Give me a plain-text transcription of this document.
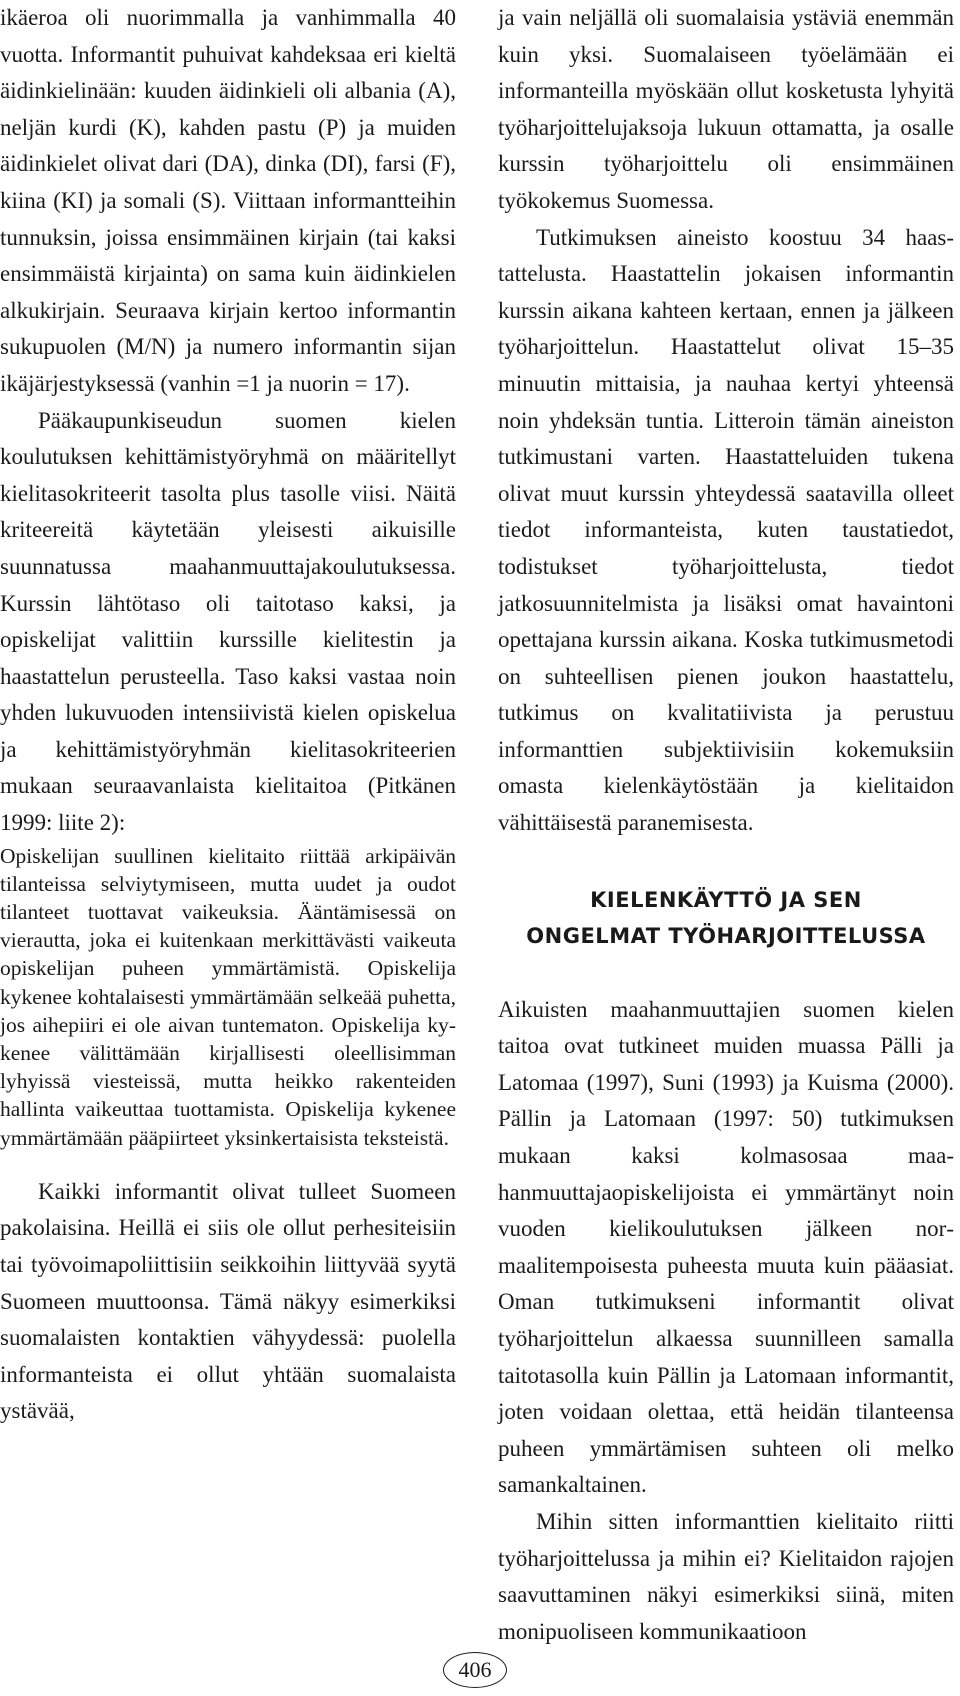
ikäeroa oli nuorimmalla ja vanhimmalla 40 vuotta. Informantit puhuivat kahdeksaa eri kieltä äidinkielinään: kuuden äidinkieli oli albania (A), neljän kurdi (K), kahden pastu (P) ja muiden äidinkielet olivat dari (DA), dinka (DI), farsi (F), kiina (KI) ja somali (S). Viittaan informantteihin tunnuksin, joissa ensimmäinen kirjain (tai kaksi ensimmäistä kirjainta) on sama kuin äidinkielen alkukirjain. Seuraava kirjain kertoo informantin sukupuolen (M/N) ja numero informantin sijan ikäjärjestyksessä (vanhin =1 ja nuorin = 17).

Pääkaupunkiseudun suomen kielen koulutuksen kehittämistyöryhmä on määritellyt kielitasokriteerit tasolta plus tasolle viisi. Näitä kriteereitä käytetään yleisesti aikuisille suunnatussa maahanmuuttajakoulutuksessa. Kurssin lähtötaso oli taitotaso kaksi, ja opiskelijat valittiin kurssille kielitestin ja haastattelun perusteella. Taso kaksi vastaa noin yhden lukuvuoden intensiivistä kielen opiskelua ja kehittämistyöryhmän kielitasokriteerien mukaan seuraavanlaista kielitaitoa (Pitkänen 1999: liite 2):

Opiskelijan suullinen kielitaito riittää arkipäivän tilanteissa selviytymiseen, mutta uudet ja oudot tilanteet tuottavat vaikeuksia. Ääntämisessä on vierautta, joka ei kuitenkaan merkittävästi vaikeuta opiskelijan puheen ymmärtämistä. Opiskelija kykenee kohtalaisesti ymmärtämään selkeää puhetta, jos aihepiiri ei ole aivan tuntematon. Opiskelija kykenee välittämään kirjallisesti oleellisimman lyhyissä viesteissä, mutta heikko rakenteiden hallinta vaikeuttaa tuottamista. Opiskelija kykenee ymmärtämään pääpiirteet yksinkertaisista teksteistä.

Kaikki informantit olivat tulleet Suomeen pakolaisina. Heillä ei siis ole ollut perhesiteisiin tai työvoimapoliittisiin seikkoihin liittyvää syytä Suomeen muuttoonsa. Tämä näkyy esimerkiksi suomalaisten kontaktien vähyydessä: puolella informanteista ei ollut yhtään suomalaista ystävää,

ja vain neljällä oli suomalaisia ystäviä enemmän kuin yksi. Suomalaiseen työelämään ei informanteilla myöskään ollut kosketusta lyhyitä työharjoittelujaksoja lukuun ottamatta, ja osalle kurssin työharjoittelu oli ensimmäinen työkokemus Suomessa.

Tutkimuksen aineisto koostuu 34 haastattelusta. Haastattelin jokaisen informantin kurssin aikana kahteen kertaan, ennen ja jälkeen työharjoittelun. Haastattelut olivat 15–35 minuutin mittaisia, ja nauhaa kertyi yhteensä noin yhdeksän tuntia. Litteroin tämän aineiston tutkimustani varten. Haastatteluiden tukena olivat muut kurssin yhteydessä saatavilla olleet tiedot informanteista, kuten taustatiedot, todistukset työharjoittelusta, tiedot jatkosuunnitelmista ja lisäksi omat havaintoni opettajana kurssin aikana. Koska tutkimusmetodi on suhteellisen pienen joukon haastattelu, tutkimus on kvalitatiivista ja perustuu informanttien subjektiivisiin kokemuksiin omasta kielenkäytöstään ja kielitaidon vähittäisestä paranemisesta.

KIELENKÄYTTÖ JA SEN
ONGELMAT TYÖHARJOITTELUSSA

Aikuisten maahanmuuttajien suomen kielen taitoa ovat tutkineet muiden muassa Pälli ja Latomaa (1997), Suni (1993) ja Kuisma (2000). Pällin ja Latomaan (1997: 50) tutkimuksen mukaan kaksi kolmasosaa maahanmuuttajaopiskelijoista ei ymmärtänyt noin vuoden kielikoulutuksen jälkeen normaalitempoisesta puheesta muuta kuin pääasiat. Oman tutkimukseni informantit olivat työharjoittelun alkaessa suunnilleen samalla taitotasolla kuin Pällin ja Latomaan informantit, joten voidaan olettaa, että heidän tilanteensa puheen ymmärtämisen suhteen oli melko samankaltainen.

Mihin sitten informanttien kielitaito riitti työharjoittelussa ja mihin ei? Kielitaidon rajojen saavuttaminen näkyi esimerkiksi siinä, miten monipuoliseen kommunikaatioon

406
